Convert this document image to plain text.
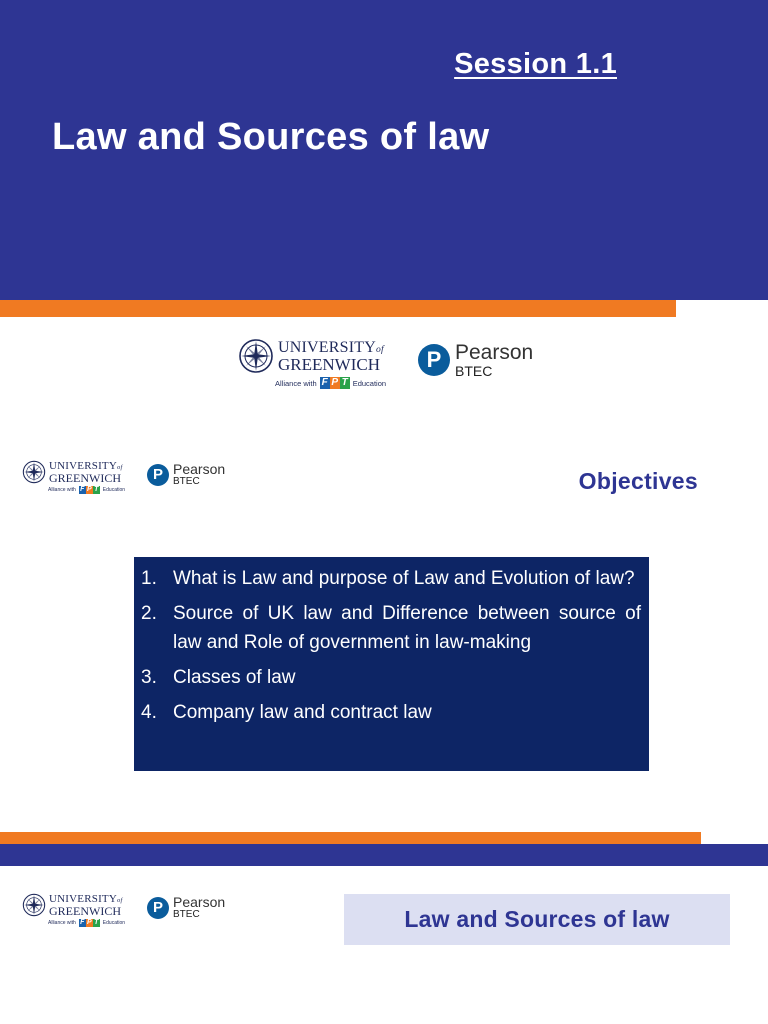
Session 1.1
Law and Sources of law
UNIVERSITYof
GREENWICH
Alliance with F P T Education
P Pearson
BTEC
UNIVERSITYof
GREENWICH
Alliance with F P T Education
P Pearson
BTEC	Objectives
1. What is Law and purpose of Law and Evolution of law?
2. Source of UK law and Difference between source of law and Role of government in law-making
3. Classes of law
4. Company law and contract law
UNIVERSITYof
GREENWICH
Alliance with F P T Education
P Pearson
BTEC	Law and Sources of law
